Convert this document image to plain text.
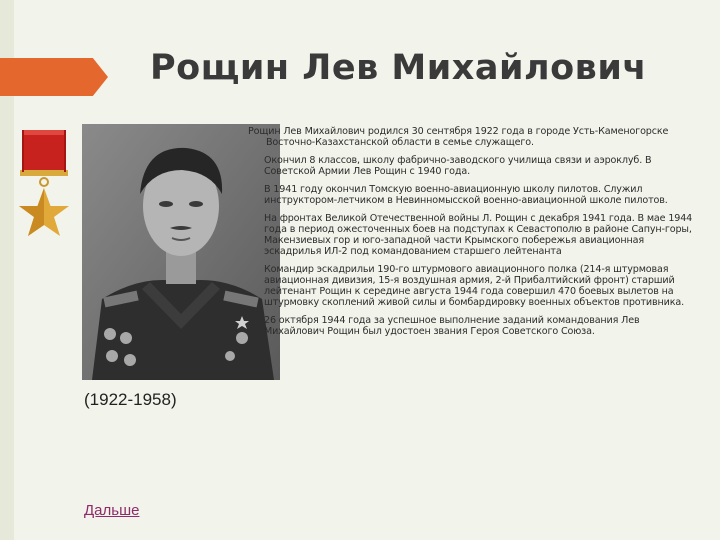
Рощин Лев Михайлович
(1922-1958)
Дальше

Рощин Лев Михайлович родился 30 сентября 1922 года в городе Усть-Каменогорске Восточно-Казахстанской области в семье служащего.

Окончил 8 классов, школу фабрично-заводского училища связи и аэроклуб. В Советской Армии Лев Рощин с 1940 года.

В 1941 году окончил Томскую военно-авиационную школу пилотов. Служил инструктором-летчиком в Невинномысской военно-авиационной школе пилотов.

На фронтах Великой Отечественной войны Л. Рощин с декабря 1941 года. В мае 1944 года в период ожесточенных боев на подступах к Севастополю в районе Сапун-горы, Макензиевых гор и юго-западной части Крымского побережья авиационная эскадрилья ИЛ-2 под командованием старшего лейтенанта

Командир эскадрильи 190-го штурмового авиационного полка (214-я штурмовая авиационная дивизия, 15-я воздушная армия, 2-й Прибалтийский фронт) старший лейтенант Рощин к середине августа 1944 года совершил 470 боевых вылетов на штурмовку скоплений живой силы и бомбардировку военных объектов противника.

26 октября 1944 года за успешное выполнение заданий командования Лев Михайлович Рощин был удостоен звания Героя Советского Союза.
